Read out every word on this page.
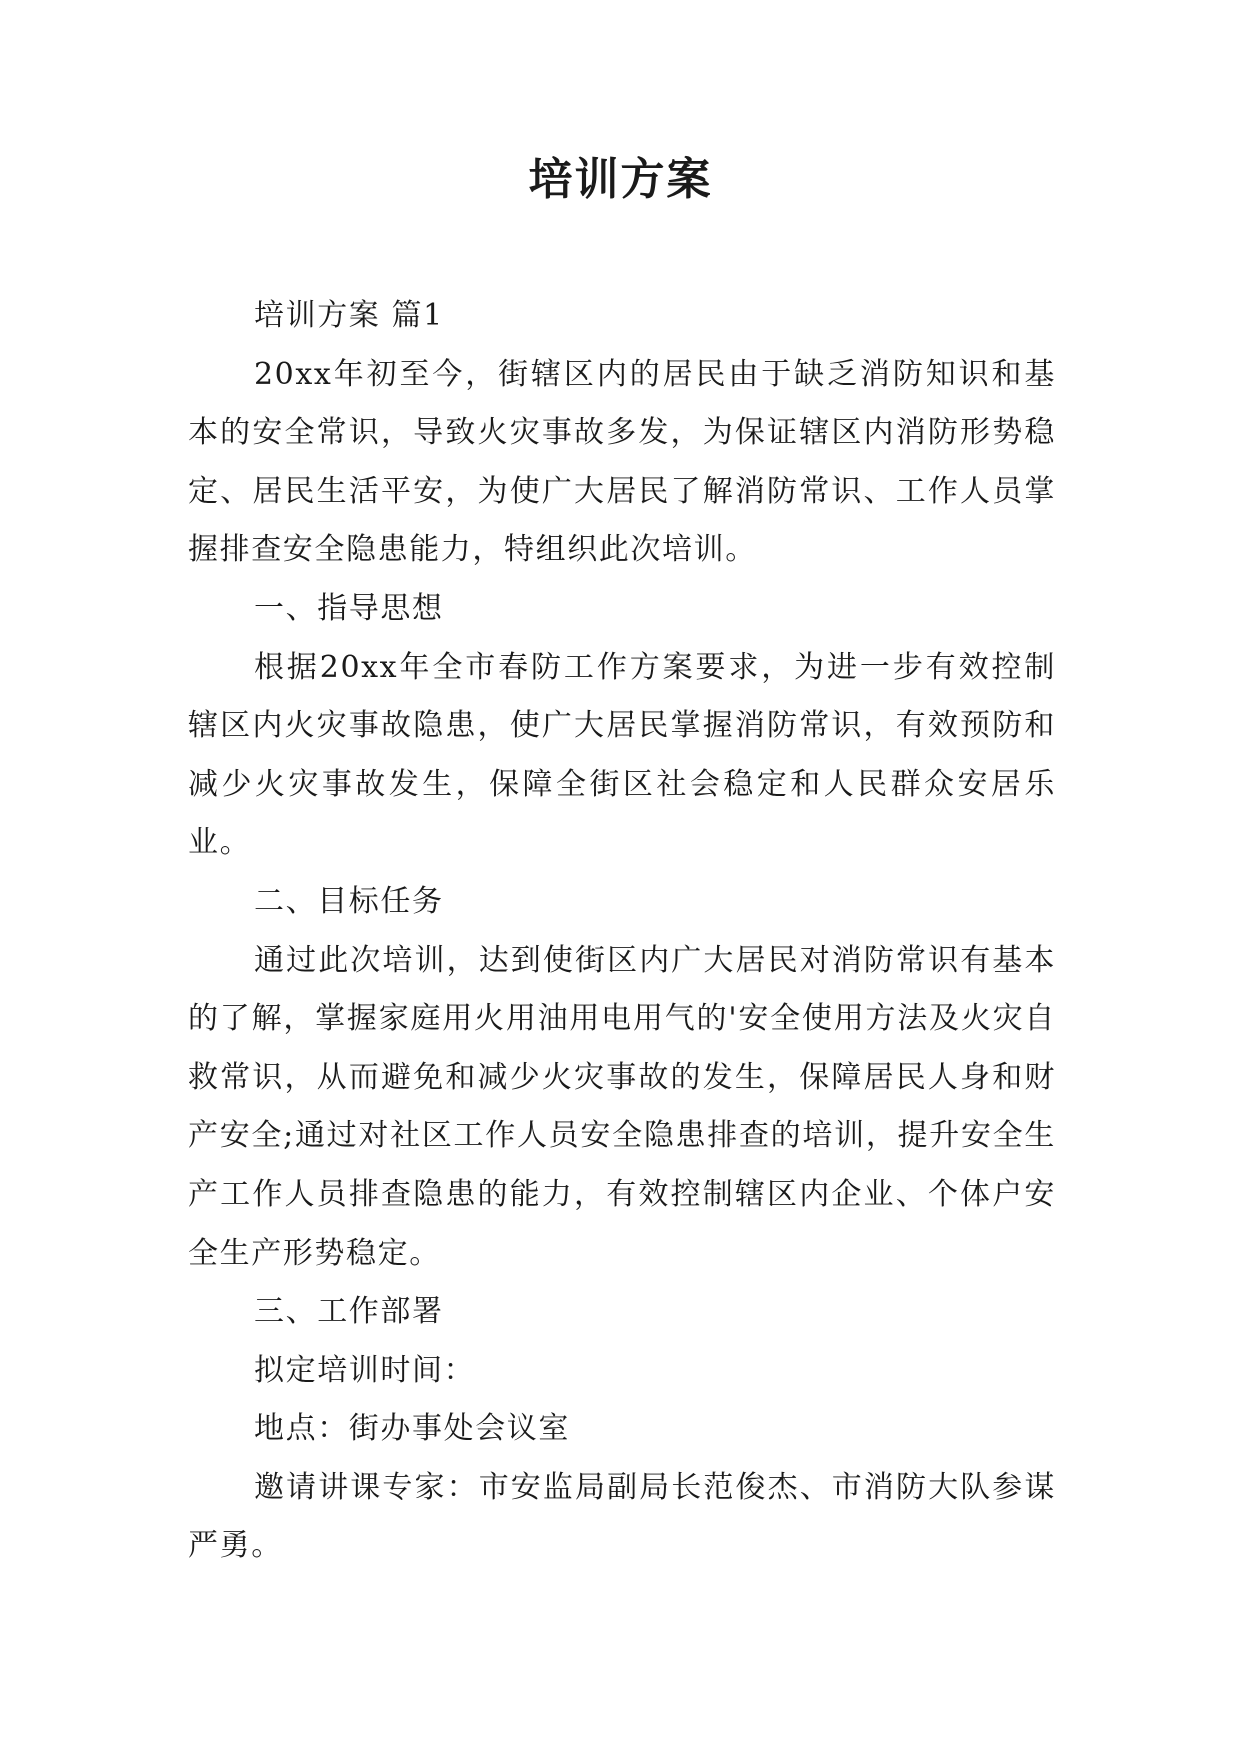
培训方案

培训方案 篇1

20xx年初至今，街辖区内的居民由于缺乏消防知识和基本的安全常识，导致火灾事故多发，为保证辖区内消防形势稳定、居民生活平安，为使广大居民了解消防常识、工作人员掌握排查安全隐患能力，特组织此次培训。

一、指导思想

根据20xx年全市春防工作方案要求，为进一步有效控制辖区内火灾事故隐患，使广大居民掌握消防常识，有效预防和减少火灾事故发生，保障全街区社会稳定和人民群众安居乐业。

二、目标任务

通过此次培训，达到使街区内广大居民对消防常识有基本的了解，掌握家庭用火用油用电用气的'安全使用方法及火灾自救常识，从而避免和减少火灾事故的发生，保障居民人身和财产安全;通过对社区工作人员安全隐患排查的培训，提升安全生产工作人员排查隐患的能力，有效控制辖区内企业、个体户安全生产形势稳定。

三、工作部署

拟定培训时间：

地点：街办事处会议室

邀请讲课专家：市安监局副局长范俊杰、市消防大队参谋严勇。
